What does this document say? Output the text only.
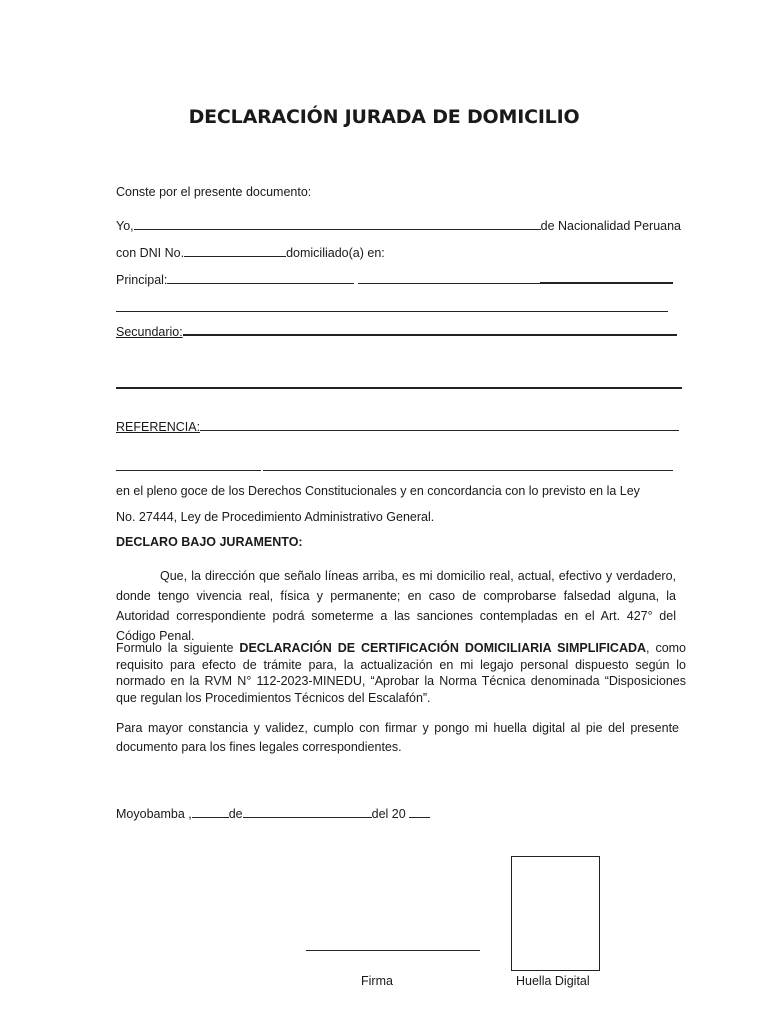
DECLARACIÓN JURADA DE DOMICILIO
Conste por el presente documento:
Yo,	de Nacionalidad Peruana
con DNI No.	domiciliado(a) en:
Principal:
Secundario:
REFERENCIA:
en el pleno goce de los Derechos Constitucionales y en concordancia con lo previsto en la Ley
No. 27444, Ley de Procedimiento Administrativo General.
DECLARO BAJO JURAMENTO:
Que, la dirección que señalo líneas arriba, es mi domicilio real, actual, efectivo y verdadero, donde tengo vivencia real, física y permanente; en caso de comprobarse falsedad alguna, la Autoridad correspondiente podrá someterme a las sanciones contempladas en el Art. 427° del Código Penal.
Formulo la siguiente DECLARACIÓN DE CERTIFICACIÓN DOMICILIARIA SIMPLIFICADA, como requisito para efecto de trámite para, la actualización en mi legajo personal dispuesto según lo normado en la RVM N° 112-2023-MINEDU, “Aprobar la Norma Técnica denominada “Disposiciones que regulan los Procedimientos Técnicos del Escalafón”.
Para mayor constancia y validez, cumplo con firmar y pongo mi huella digital al pie del presente documento para los fines legales correspondientes.
Moyobamba ,	de	del 20
Firma	Huella Digital
